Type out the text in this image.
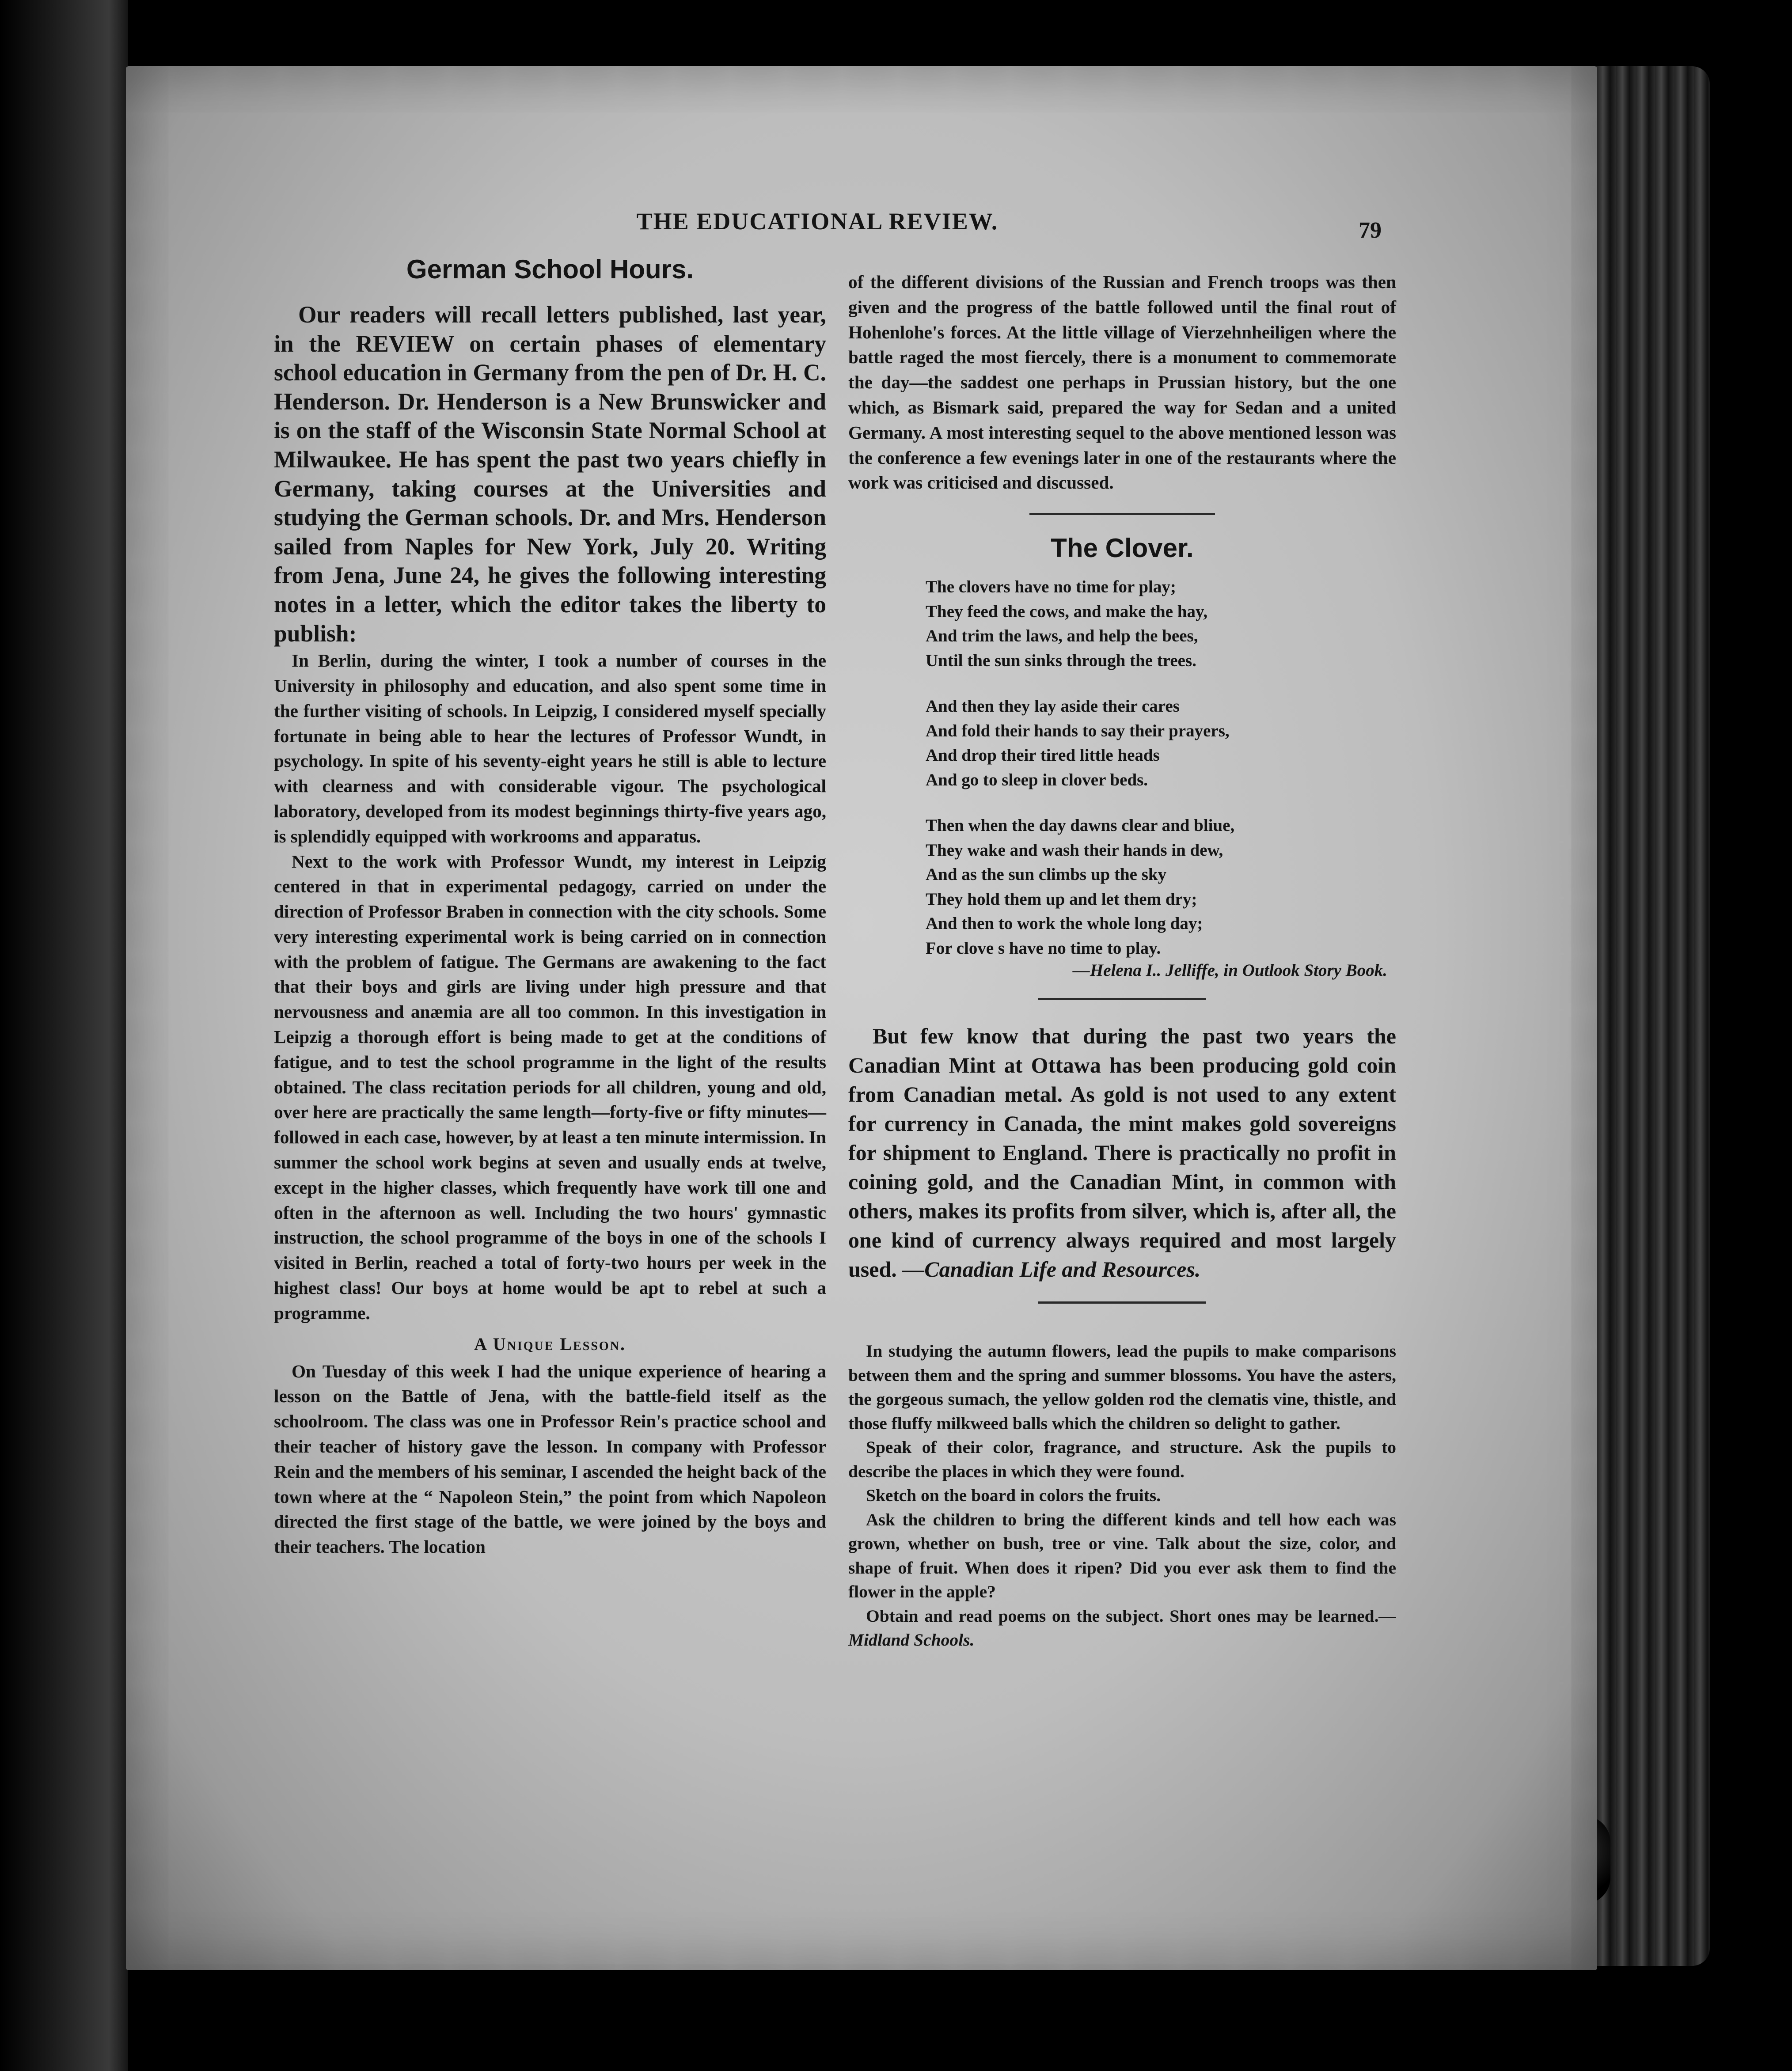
THE EDUCATIONAL REVIEW.	79
German School Hours.

Our readers will recall letters published, last year, in the REVIEW on certain phases of elementary school education in Germany from the pen of Dr. H. C. Henderson. Dr. Henderson is a New Brunswicker and is on the staff of the Wisconsin State Normal School at Milwaukee. He has spent the past two years chiefly in Germany, taking courses at the Universities and studying the German schools. Dr. and Mrs. Henderson sailed from Naples for New York, July 20. Writing from Jena, June 24, he gives the following interesting notes in a letter, which the editor takes the liberty to publish:

In Berlin, during the winter, I took a number of courses in the University in philosophy and education, and also spent some time in the further visiting of schools. In Leipzig, I considered myself specially fortunate in being able to hear the lectures of Professor Wundt, in psychology. In spite of his seventy-eight years he still is able to lecture with clearness and with considerable vigour. The psychological laboratory, developed from its modest beginnings thirty-five years ago, is splendidly equipped with workrooms and apparatus.

Next to the work with Professor Wundt, my interest in Leipzig centered in that in experimental pedagogy, carried on under the direction of Professor Braben in connection with the city schools. Some very interesting experimental work is being carried on in connection with the problem of fatigue. The Germans are awakening to the fact that their boys and girls are living under high pressure and that nervousness and anæmia are all too common. In this investigation in Leipzig a thorough effort is being made to get at the conditions of fatigue, and to test the school programme in the light of the results obtained. The class recitation periods for all children, young and old, over here are practically the same length—forty-five or fifty minutes—followed in each case, however, by at least a ten minute intermission. In summer the school work begins at seven and usually ends at twelve, except in the higher classes, which frequently have work till one and often in the afternoon as well. Including the two hours' gymnastic instruction, the school programme of the boys in one of the schools I visited in Berlin, reached a total of forty-two hours per week in the highest class! Our boys at home would be apt to rebel at such a programme.

A Unique Lesson.

On Tuesday of this week I had the unique experience of hearing a lesson on the Battle of Jena, with the battle-field itself as the schoolroom. The class was one in Professor Rein's practice school and their teacher of history gave the lesson. In company with Professor Rein and the members of his seminar, I ascended the height back of the town where at the “ Napoleon Stein,” the point from which Napoleon directed the first stage of the battle, we were joined by the boys and their teachers. The location

of the different divisions of the Russian and French troops was then given and the progress of the battle followed until the final rout of Hohenlohe's forces. At the little village of Vierzehnheiligen where the battle raged the most fiercely, there is a monument to commemorate the day—the saddest one perhaps in Prussian history, but the one which, as Bismark said, prepared the way for Sedan and a united Germany. A most interesting sequel to the above mentioned lesson was the conference a few evenings later in one of the restaurants where the work was criticised and discussed.

The Clover.
The clovers have no time for play;
They feed the cows, and make the hay,
And trim the laws, and help the bees,
Until the sun sinks through the trees.
And then they lay aside their cares
And fold their hands to say their prayers,
And drop their tired little heads
And go to sleep in clover beds.
Then when the day dawns clear and bliue,
They wake and wash their hands in dew,
And as the sun climbs up the sky
They hold them up and let them dry;
And then to work the whole long day;
For clove s have no time to play.
—Helena I.. Jelliffe, in Outlook Story Book.

But few know that during the past two years the Canadian Mint at Ottawa has been producing gold coin from Canadian metal. As gold is not used to any extent for currency in Canada, the mint makes gold sovereigns for shipment to England. There is practically no profit in coining gold, and the Canadian Mint, in common with others, makes its profits from silver, which is, after all, the one kind of currency always required and most largely used. —Canadian Life and Resources.

In studying the autumn flowers, lead the pupils to make comparisons between them and the spring and summer blossoms. You have the asters, the gorgeous sumach, the yellow golden rod the clematis vine, thistle, and those fluffy milkweed balls which the children so delight to gather.

Speak of their color, fragrance, and structure. Ask the pupils to describe the places in which they were found.

Sketch on the board in colors the fruits.

Ask the children to bring the different kinds and tell how each was grown, whether on bush, tree or vine. Talk about the size, color, and shape of fruit. When does it ripen? Did you ever ask them to find the flower in the apple?

Obtain and read poems on the subject. Short ones may be learned.—Midland Schools.
